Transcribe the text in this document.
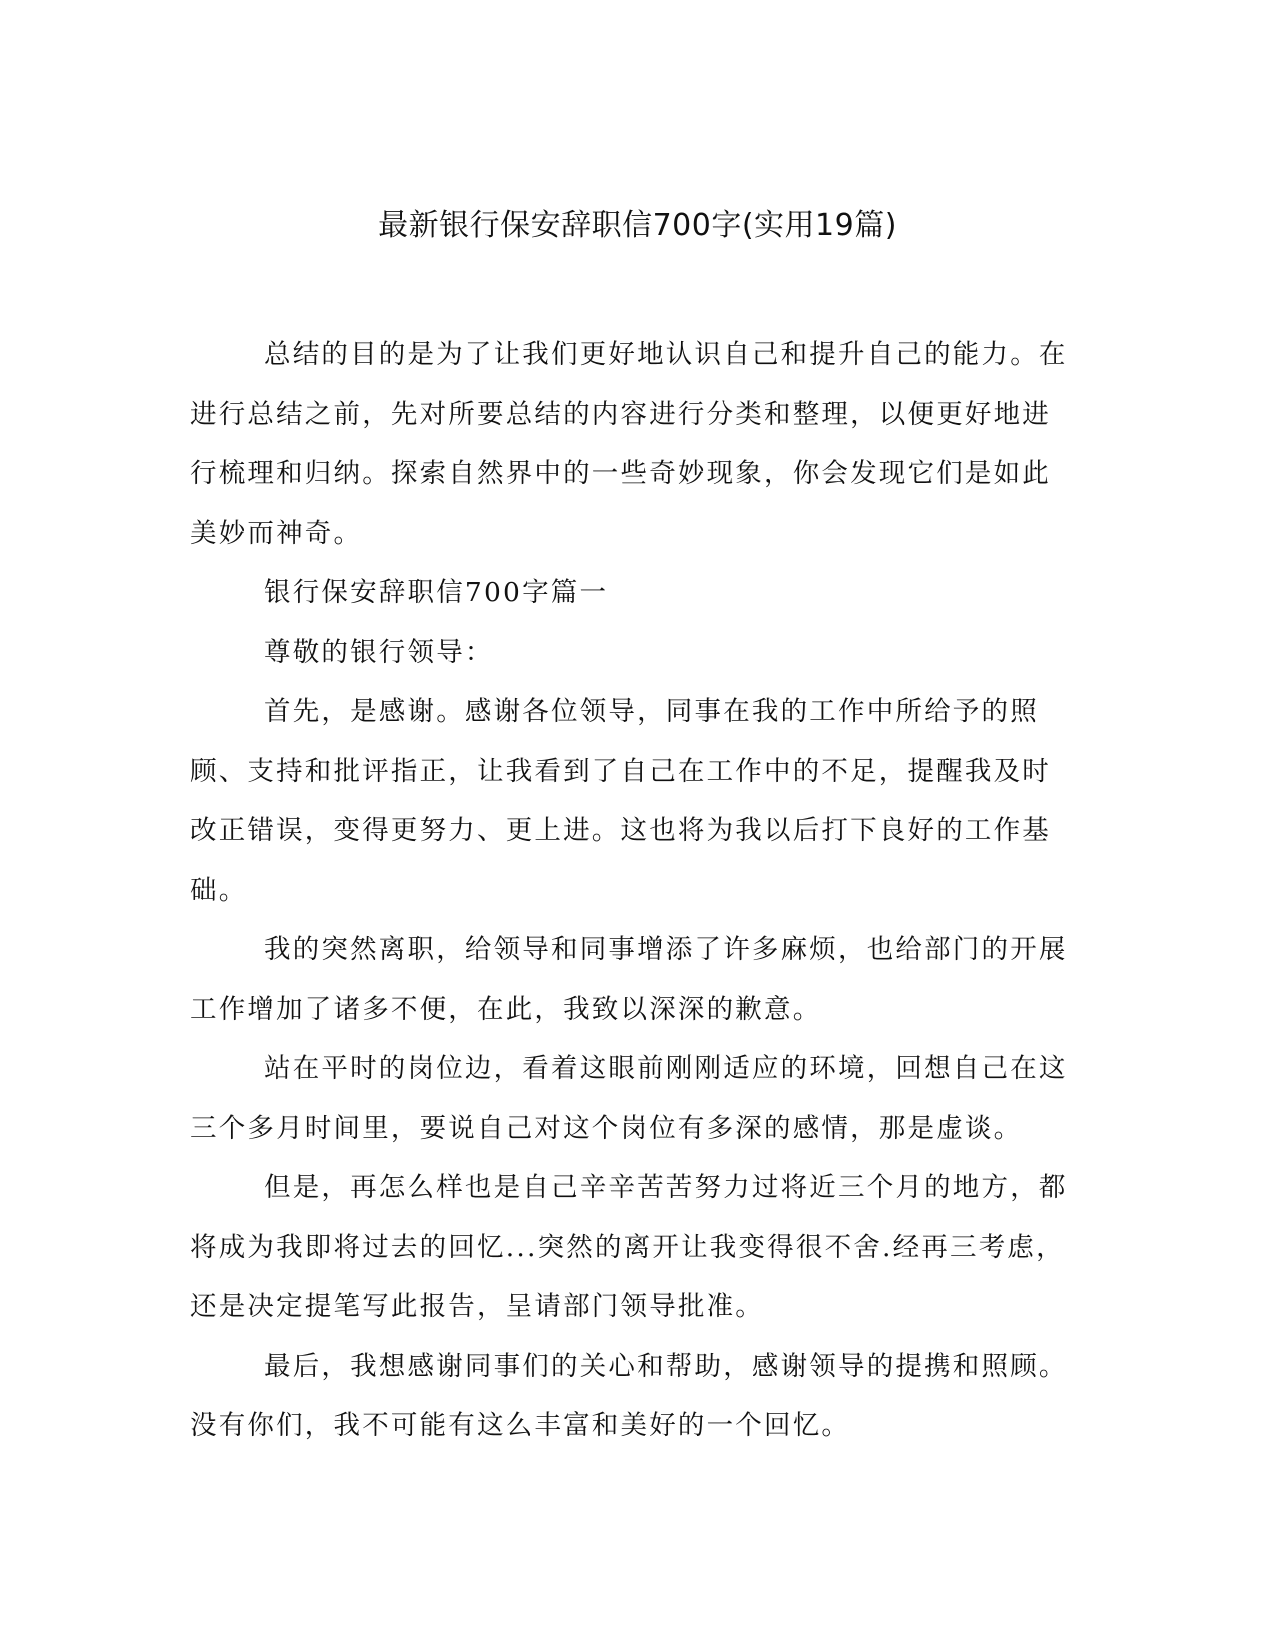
最新银行保安辞职信700字(实用19篇)

总结的目的是为了让我们更好地认识自己和提升自己的能力。在进行总结之前，先对所要总结的内容进行分类和整理，以便更好地进行梳理和归纳。探索自然界中的一些奇妙现象，你会发现它们是如此美妙而神奇。

银行保安辞职信700字篇一

尊敬的银行领导：

首先，是感谢。感谢各位领导，同事在我的工作中所给予的照顾、支持和批评指正，让我看到了自己在工作中的不足，提醒我及时改正错误，变得更努力、更上进。这也将为我以后打下良好的工作基础。

我的突然离职，给领导和同事增添了许多麻烦，也给部门的开展工作增加了诸多不便，在此，我致以深深的歉意。

站在平时的岗位边，看着这眼前刚刚适应的环境，回想自己在这三个多月时间里，要说自己对这个岗位有多深的感情，那是虚谈。

但是，再怎么样也是自己辛辛苦苦努力过将近三个月的地方，都将成为我即将过去的回忆...突然的离开让我变得很不舍.经再三考虑，还是决定提笔写此报告，呈请部门领导批准。

最后，我想感谢同事们的关心和帮助，感谢领导的提携和照顾。没有你们，我不可能有这么丰富和美好的一个回忆。
